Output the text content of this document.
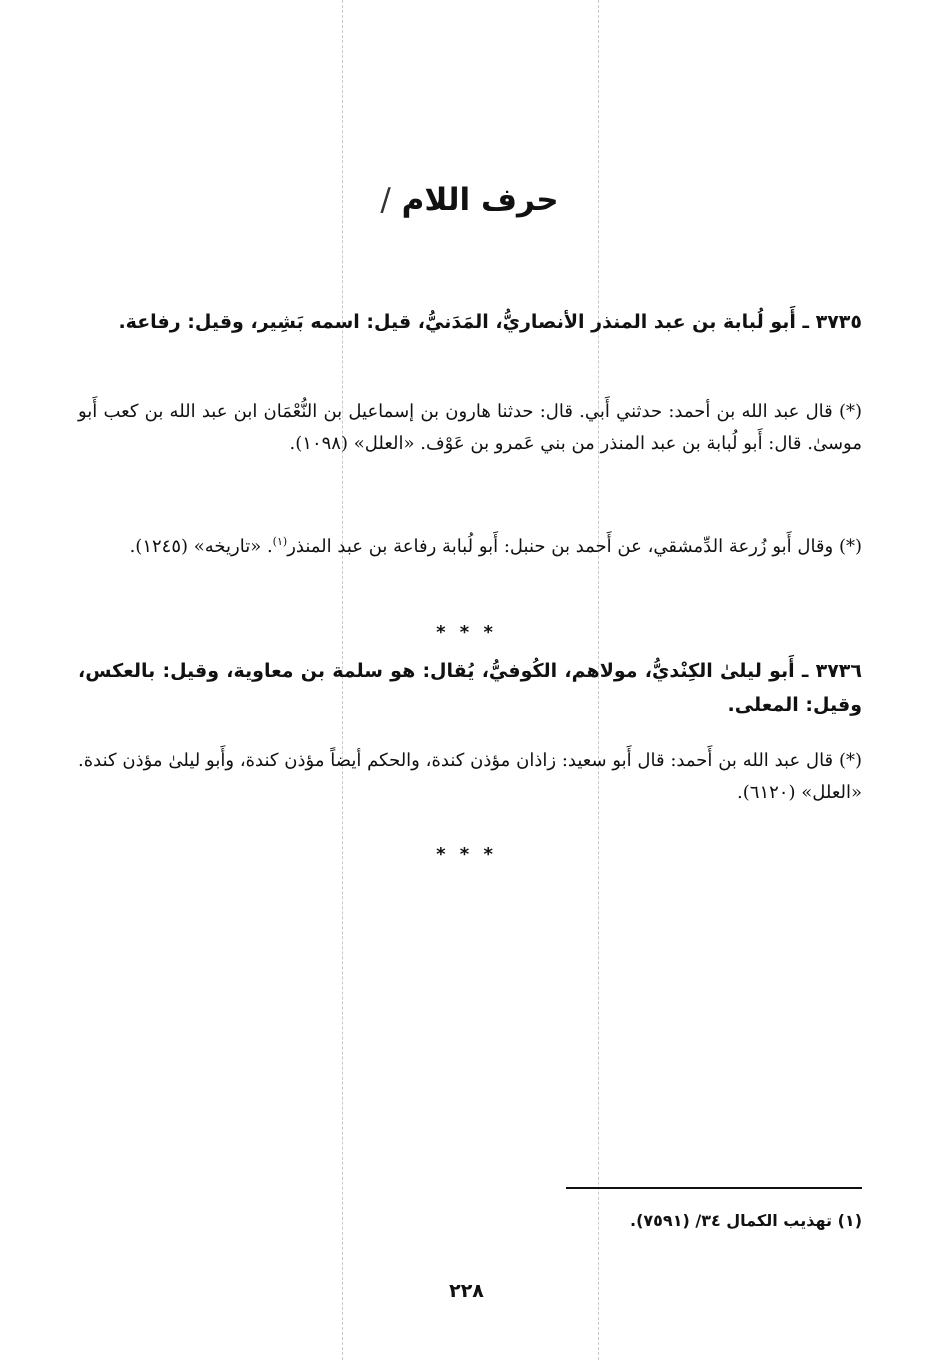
حرف اللام /
٣٧٣٥ ـ أَبو لُبابة بن عبد المنذر الأنصاريُّ، المَدَنيُّ، قيل: اسمه بَشِير، وقيل: رفاعة.
(*) قال عبد الله بن أحمد: حدثني أَبي. قال: حدثنا هارون بن إسماعيل بن النُّعْمَان ابن عبد الله بن كعب أَبو موسىٰ. قال: أَبو لُبابة بن عبد المنذر من بني عَمرو بن عَوْف. «العلل» (١٠٩٨).
(*) وقال أَبو زُرعة الدِّمشقي، عن أَحمد بن حنبل: أَبو لُبابة رفاعة بن عبد المنذر$^{(١)}$. «تاريخه» (١٢٤٥).
* * *
٣٧٣٦ ـ أَبو ليلىٰ الكِنْديُّ، مولاهم، الكُوفيُّ، يُقال: هو سلمة بن معاوية، وقيل: بالعكس، وقيل: المعلى.
(*) قال عبد الله بن أَحمد: قال أَبو سعيد: زاذان مؤذن كندة، والحكم أيضاً مؤذن كندة، وأَبو ليلىٰ مؤذن كندة. «العلل» (٦١٢٠).
* * *
(١) تهذيب الكمال ٣٤/ (٧٥٩١).
٢٢٨
